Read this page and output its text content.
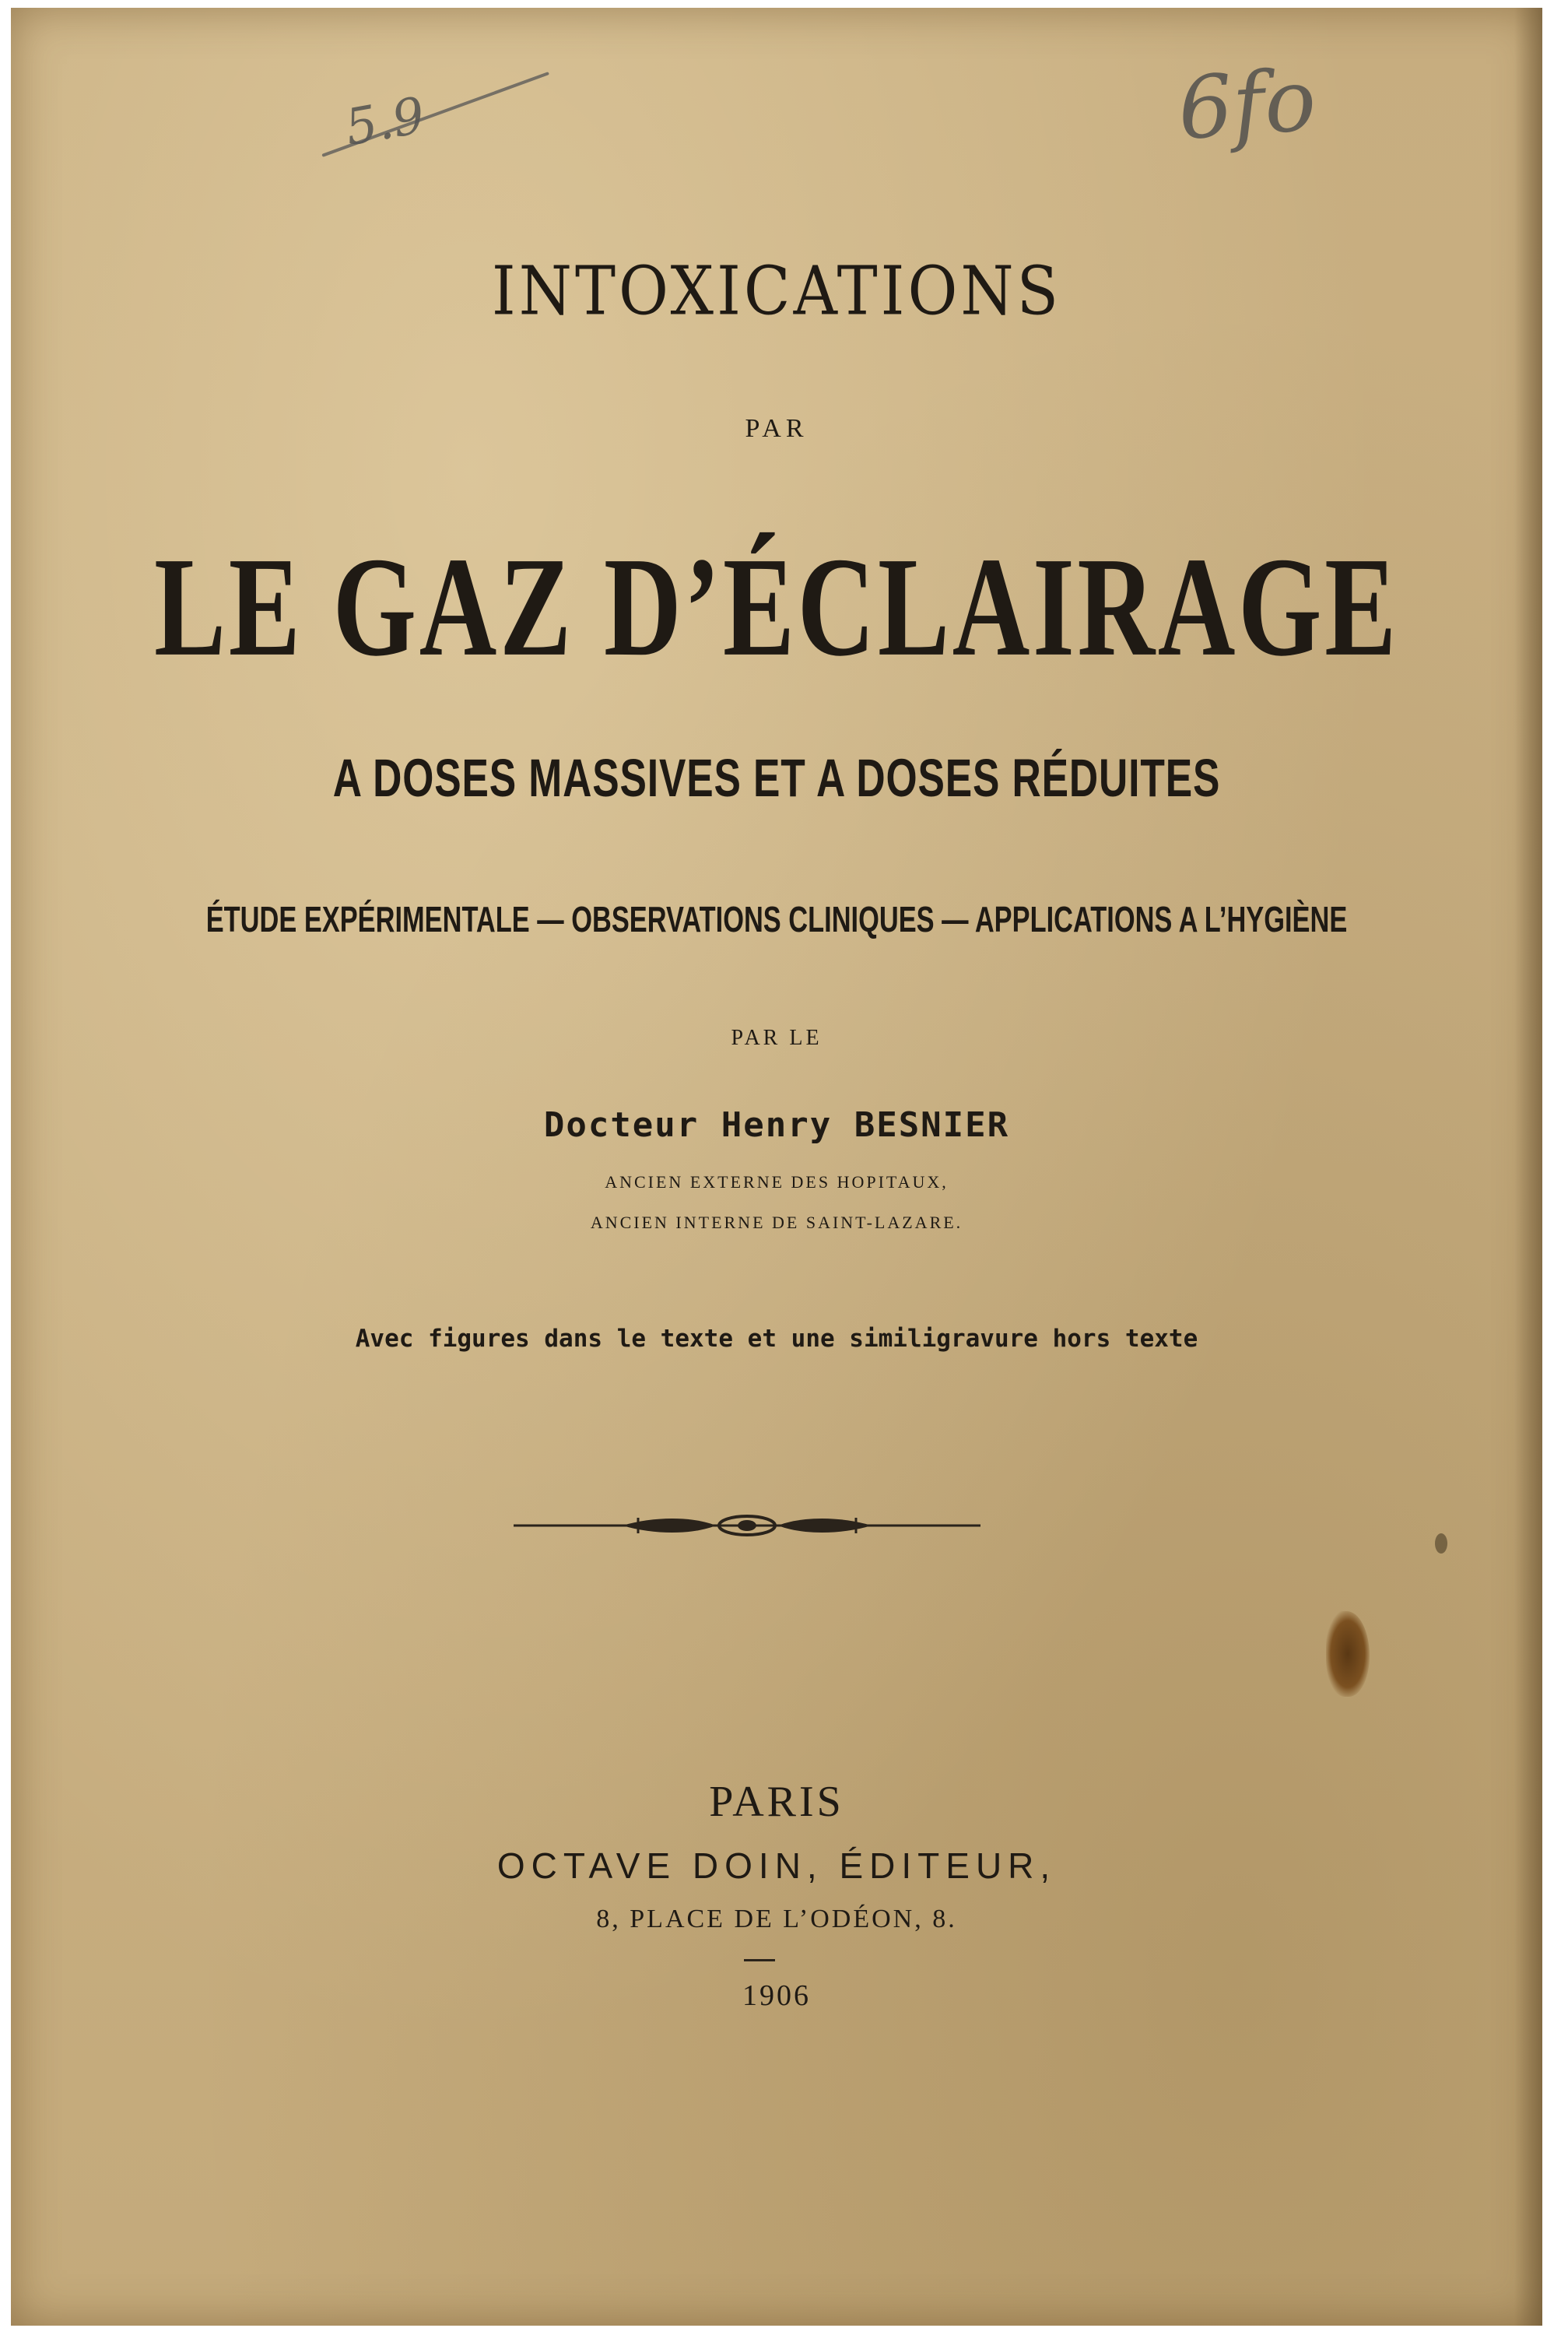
5.9	6fo
INTOXICATIONS
PAR
LE GAZ D’ÉCLAIRAGE
A DOSES MASSIVES ET A DOSES RÉDUITES
ÉTUDE EXPÉRIMENTALE — OBSERVATIONS CLINIQUES — APPLICATIONS A L’HYGIÈNE
PAR LE
Docteur Henry BESNIER
ANCIEN EXTERNE DES HOPITAUX,
ANCIEN INTERNE DE SAINT-LAZARE.
Avec figures dans le texte et une similigravure hors texte
PARIS
OCTAVE DOIN, ÉDITEUR,
8, PLACE DE L’ODÉON, 8.
1906
